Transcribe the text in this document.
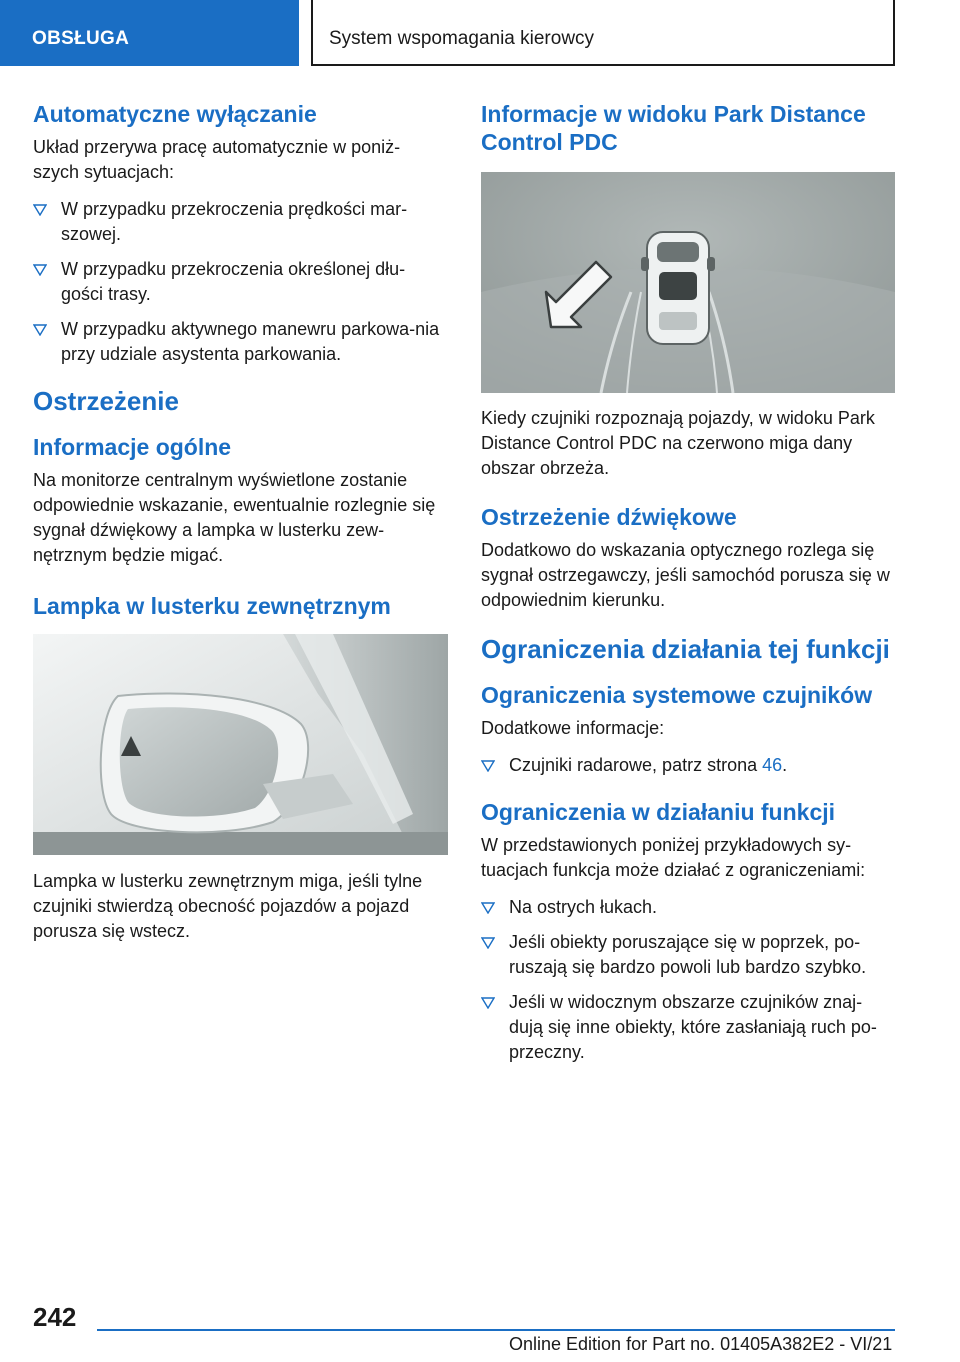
OBSŁUGA	System wspomagania kierowcy
Automatyczne wyłączanie

Układ przerywa pracę automatycznie w poniż-szych sytuacjach:

W przypadku przekroczenia prędkości mar-szowej.
W przypadku przekroczenia określonej dłu-gości trasy.
W przypadku aktywnego manewru parkowa-nia przy udziale asystenta parkowania.
Ostrzeżenie
Informacje ogólne

Na monitorze centralnym wyświetlone zostanie odpowiednie wskazanie, ewentualnie rozlegnie się sygnał dźwiękowy a lampka w lusterku zew-nętrznym będzie migać.

Lampka w lusterku zewnętrznym

Lampka w lusterku zewnętrznym miga, jeśli tylne czujniki stwierdzą obecność pojazdów a pojazd porusza się wstecz.

Informacje w widoku Park Distance Control PDC

Kiedy czujniki rozpoznają pojazdy, w widoku Park Distance Control PDC na czerwono miga dany obszar obrzeża.

Ostrzeżenie dźwiękowe

Dodatkowo do wskazania optycznego rozlega się sygnał ostrzegawczy, jeśli samochód porusza się w odpowiednim kierunku.

Ograniczenia działania tej funkcji
Ograniczenia systemowe czujników

Dodatkowe informacje:

Czujniki radarowe, patrz strona 46.
Ograniczenia w działaniu funkcji

W przedstawionych poniżej przykładowych sy-tuacjach funkcja może działać z ograniczeniami:

Na ostrych łukach.
Jeśli obiekty poruszające się w poprzek, po-ruszają się bardzo powoli lub bardzo szybko.
Jeśli w widocznym obszarze czujników znaj-dują się inne obiekty, które zasłaniają ruch po-przeczny.
242
Online Edition for Part no. 01405A382E2 - VI/21
